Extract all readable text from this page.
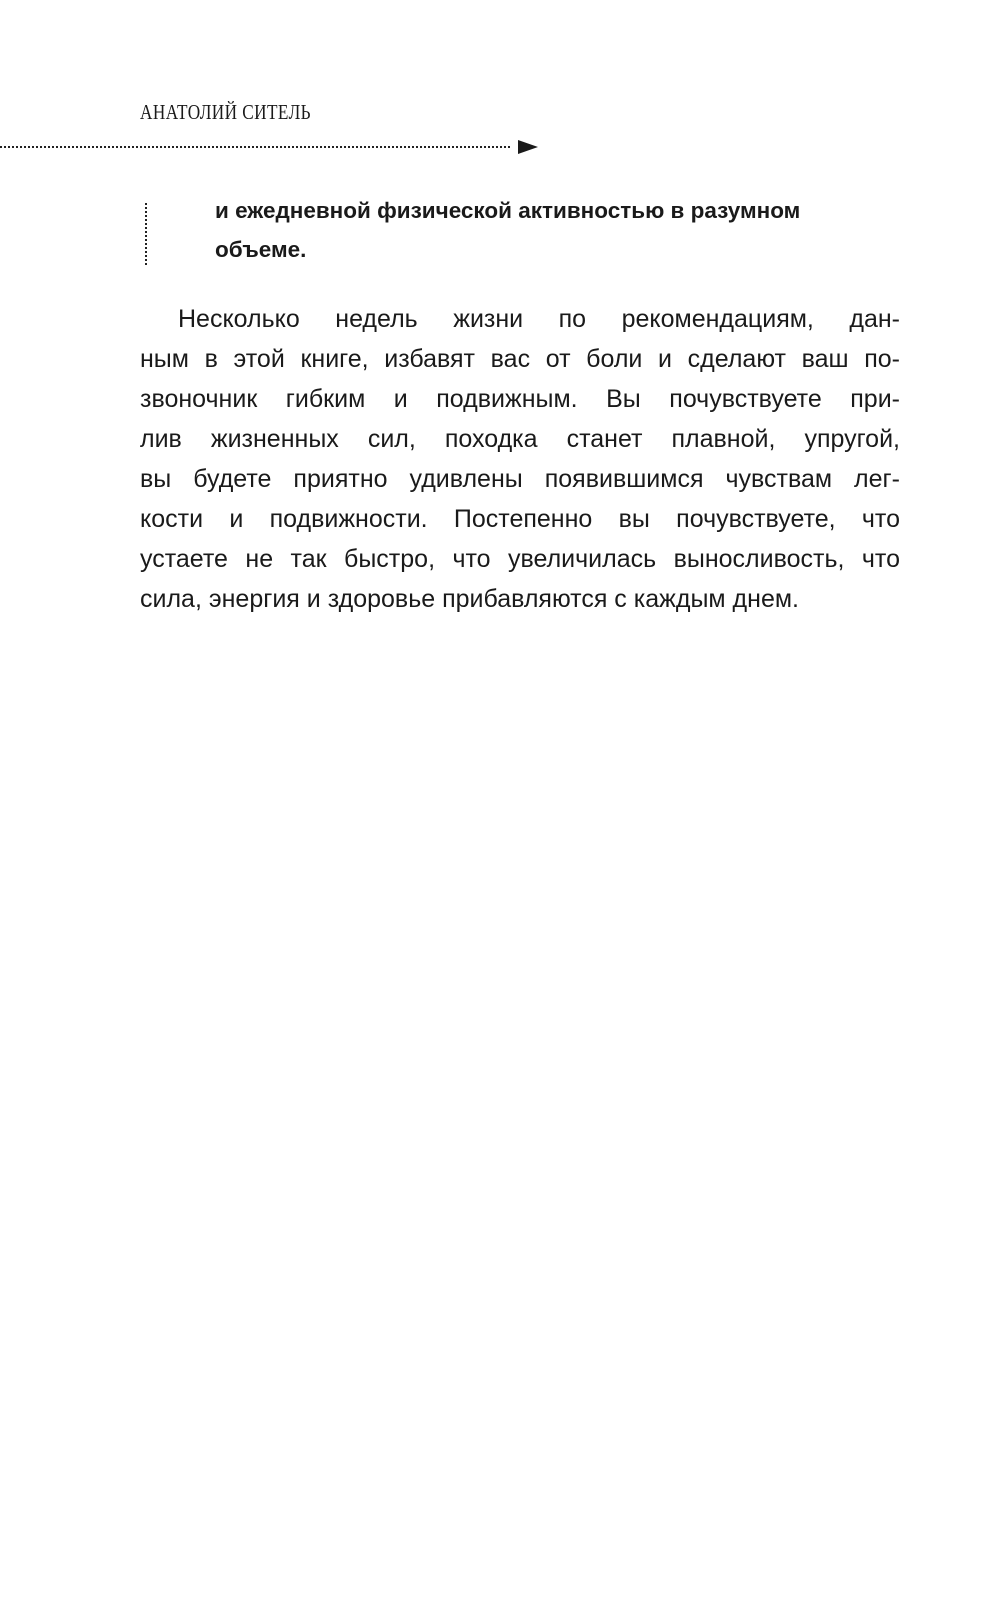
АНАТОЛИЙ СИТЕЛЬ
и ежедневной физической активностью в разумном
объеме.
Несколько недель жизни по рекомендациям, дан-
ным в этой книге, избавят вас от боли и сделают ваш по-
звоночник гибким и подвижным. Вы почувствуете при-
лив жизненных сил, походка станет плавной, упругой,
вы будете приятно удивлены появившимся чувствам лег-
кости и подвижности. Постепенно вы почувствуете, что
устаете не так быстро, что увеличилась выносливость, что
сила, энергия и здоровье прибавляются с каждым днем.
